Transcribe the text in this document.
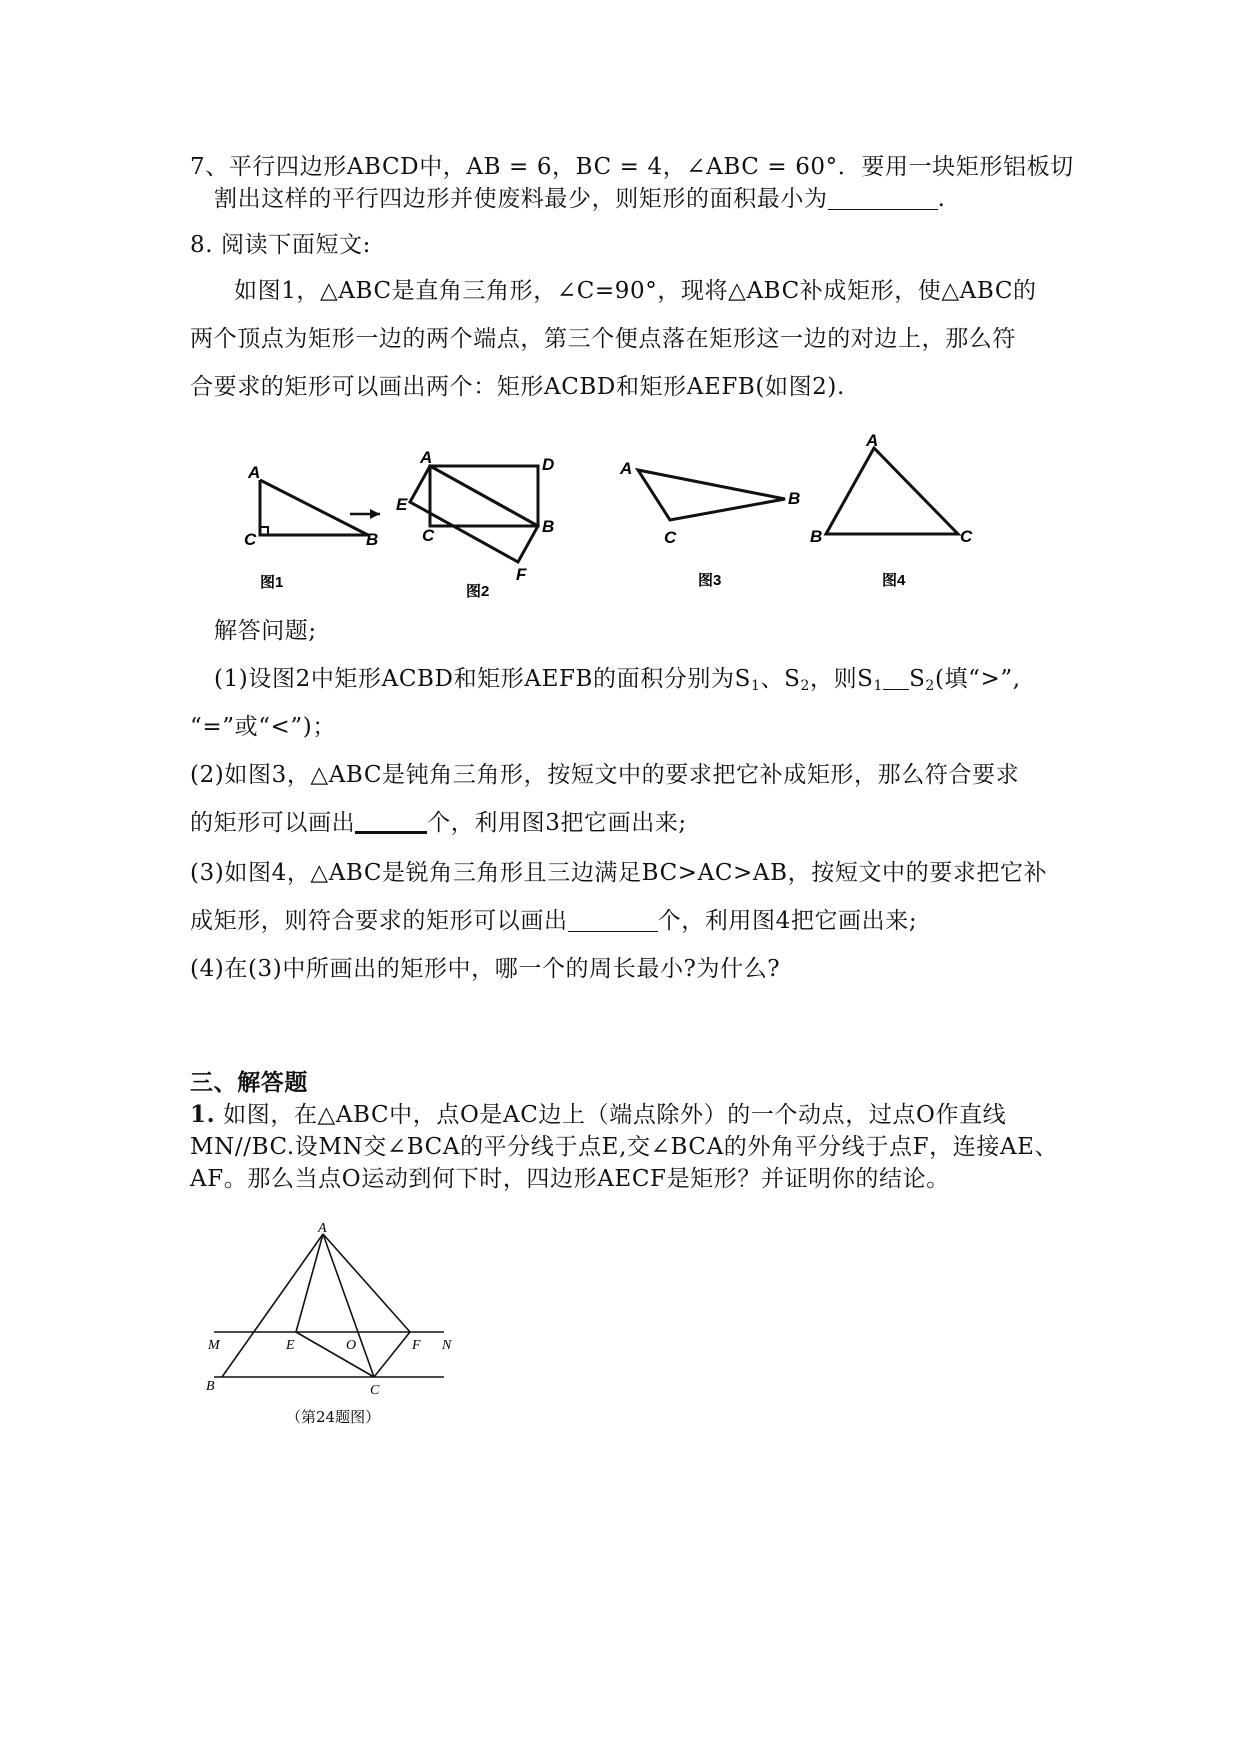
7、平行四边形ABCD中，AB = 6，BC = 4，∠ABC = 60°．要用一块矩形铝板切
割出这样的平行四边形并使废料最少，则矩形的面积最小为	.
8. 阅读下面短文:
如图1，△ABC是直角三角形，∠C=90°，现将△ABC补成矩形，使△ABC的
两个顶点为矩形一边的两个端点，第三个便点落在矩形这一边的对边上，那么符
合要求的矩形可以画出两个：矩形ACBD和矩形AEFB(如图2).
A
C	B
图1
A	D
E
C	B
F
图2
A
B
C
图3
A
B	C
图4
解答问题;
(1)设图2中矩形ACBD和矩形AEFB的面积分别为$S_1$、$S_2$，则$S_1$ $S_2$(填“>”,
“=”或“<”)；
(2)如图3，△ABC是钝角三角形，按短文中的要求把它补成矩形，那么符合要求
的矩形可以画出	个，利用图3把它画出来;
(3)如图4，△ABC是锐角三角形且三边满足BC>AC>AB，按短文中的要求把它补
成矩形，则符合要求的矩形可以画出	个，利用图4把它画出来;
(4)在(3)中所画出的矩形中，哪一个的周长最小?为什么?
三、解答题
1. 如图，在△ABC中，点O是AC边上（端点除外）的一个动点，过点O作直线
MN//BC.设MN交∠BCA的平分线于点E,交∠BCA的外角平分线于点F，连接AE、
AF。那么当点O运动到何下时，四边形AECF是矩形？并证明你的结论。
A
M	E	O	F N
B	C
（第24题图）
